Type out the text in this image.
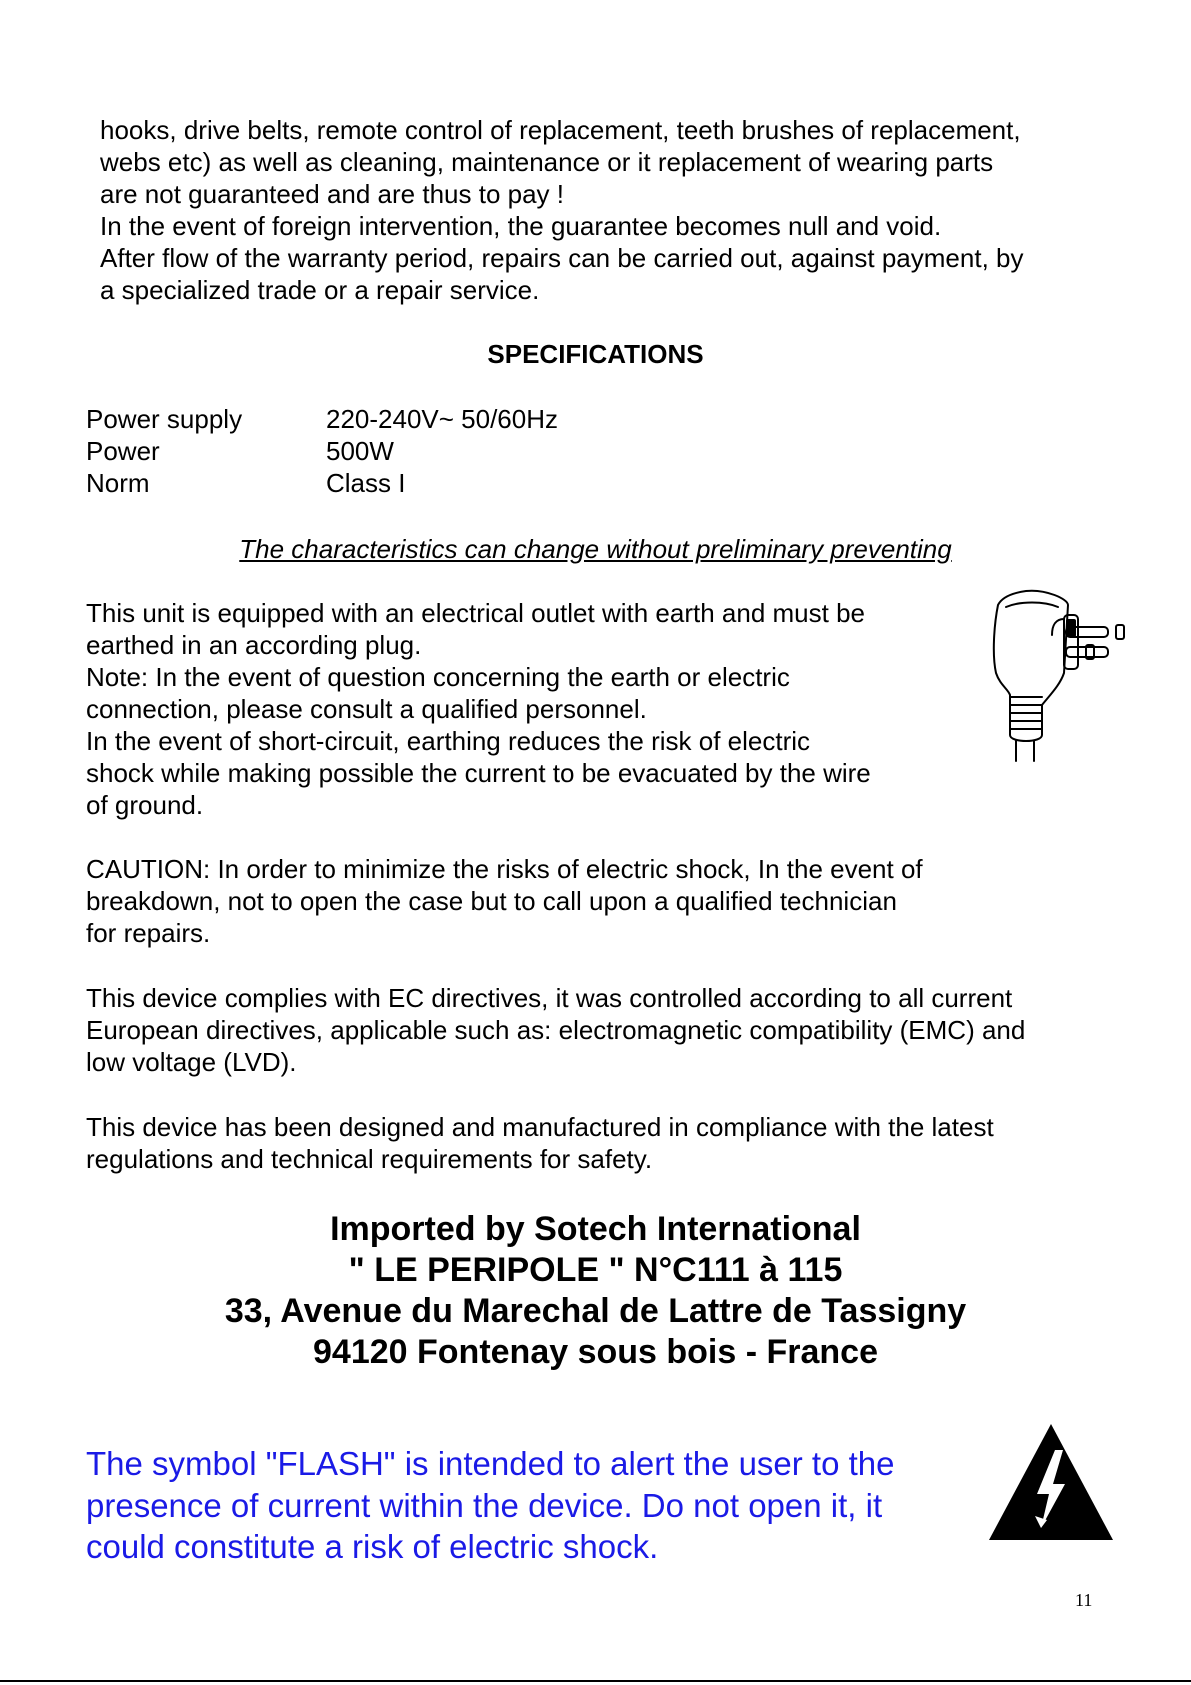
hooks, drive belts, remote control of replacement, teeth brushes of replacement,

webs etc) as well as cleaning, maintenance or it replacement of wearing parts

are not guaranteed and are thus to pay !

In the event of foreign intervention, the guarantee becomes null and void.

After flow of the warranty period, repairs can be carried out, against payment, by

a specialized trade or a repair service.

SPECIFICATIONS
Power supply	220-240V~ 50/60Hz
Power	500W
Norm	Class I

The characteristics can change without preliminary preventing

This unit is equipped with an electrical outlet with earth and must be

earthed in an according plug.

Note: In the event of question concerning the earth or electric

connection, please consult a qualified personnel.

In the event of short-circuit, earthing reduces the risk of electric

shock while making possible the current to be evacuated by the wire

of ground.

CAUTION: In order to minimize the risks of electric shock, In the event of

breakdown, not to open the case but to call upon a qualified technician

for repairs.

This device complies with EC directives, it was controlled according to all current

European directives, applicable such as: electromagnetic compatibility (EMC) and

low voltage (LVD).

This device has been designed and manufactured in compliance with the latest

regulations and technical requirements for safety.

Imported by Sotech International

" LE PERIPOLE " N°C111 à 115

33, Avenue du Marechal de Lattre de Tassigny

94120 Fontenay sous bois - France

The symbol "FLASH" is intended to alert the user to the

presence of current within the device. Do not open it, it

could constitute a risk of electric shock.

11
